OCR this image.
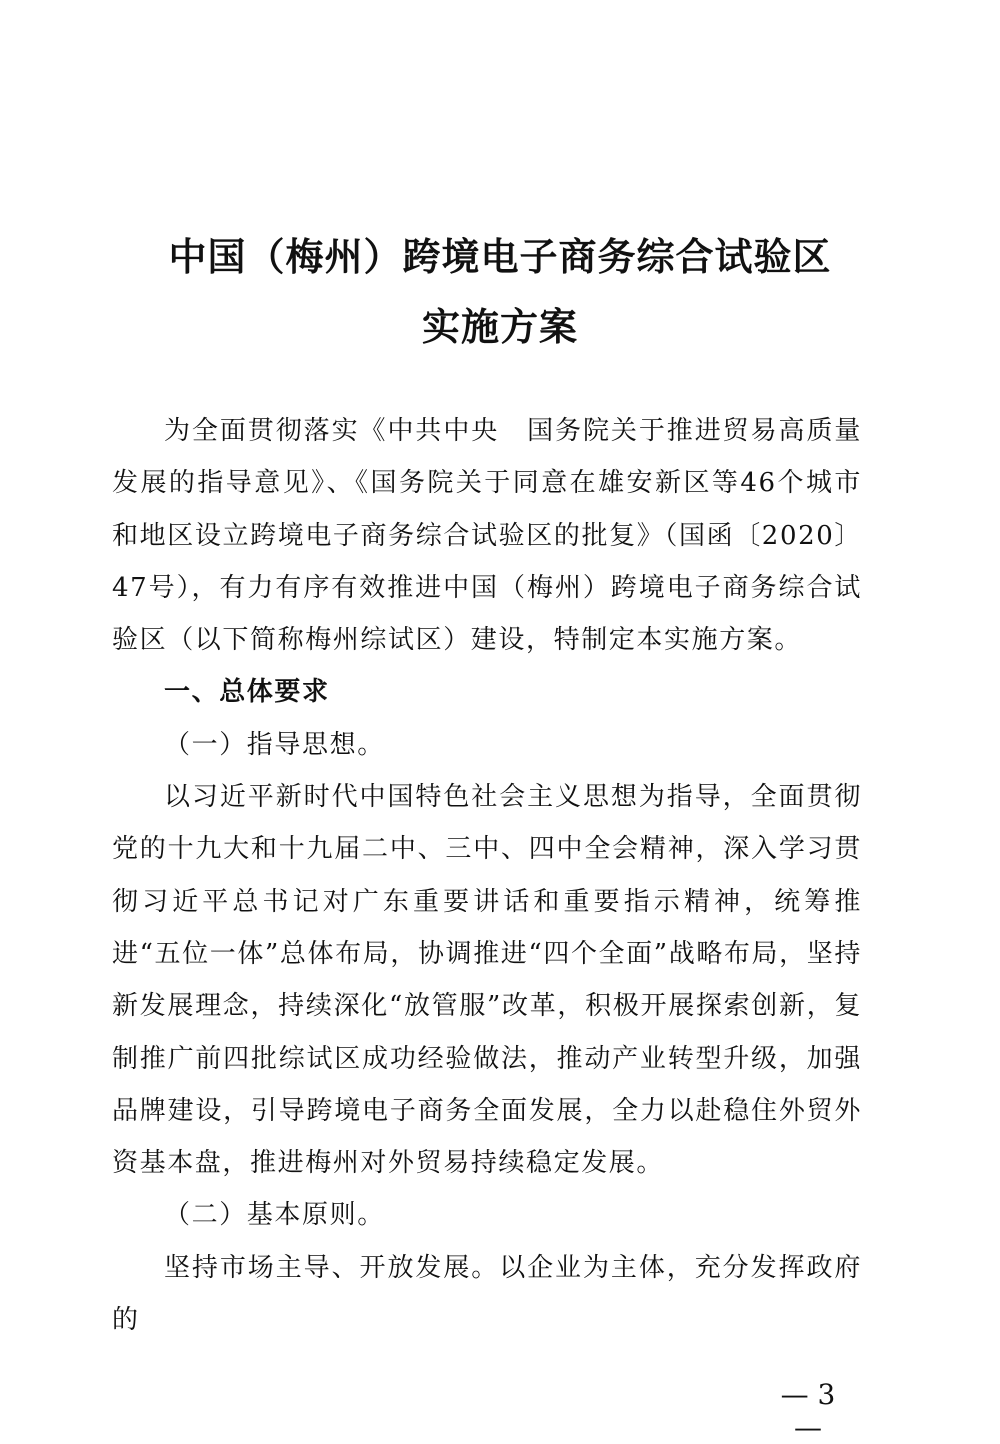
中国（梅州）跨境电子商务综合试验区
实施方案

为全面贯彻落实《中共中央　国务院关于推进贸易高质量发展的指导意见》、《国务院关于同意在雄安新区等46个城市和地区设立跨境电子商务综合试验区的批复》（国函〔2020〕47号），有力有序有效推进中国（梅州）跨境电子商务综合试验区（以下简称梅州综试区）建设，特制定本实施方案。

一、总体要求

（一）指导思想。

以习近平新时代中国特色社会主义思想为指导，全面贯彻党的十九大和十九届二中、三中、四中全会精神，深入学习贯彻习近平总书记对广东重要讲话和重要指示精神，统筹推进“五位一体”总体布局，协调推进“四个全面”战略布局，坚持新发展理念，持续深化“放管服”改革，积极开展探索创新，复制推广前四批综试区成功经验做法，推动产业转型升级，加强品牌建设，引导跨境电子商务全面发展，全力以赴稳住外贸外资基本盘，推进梅州对外贸易持续稳定发展。

（二）基本原则。

坚持市场主导、开放发展。以企业为主体，充分发挥政府的

— 3 —
